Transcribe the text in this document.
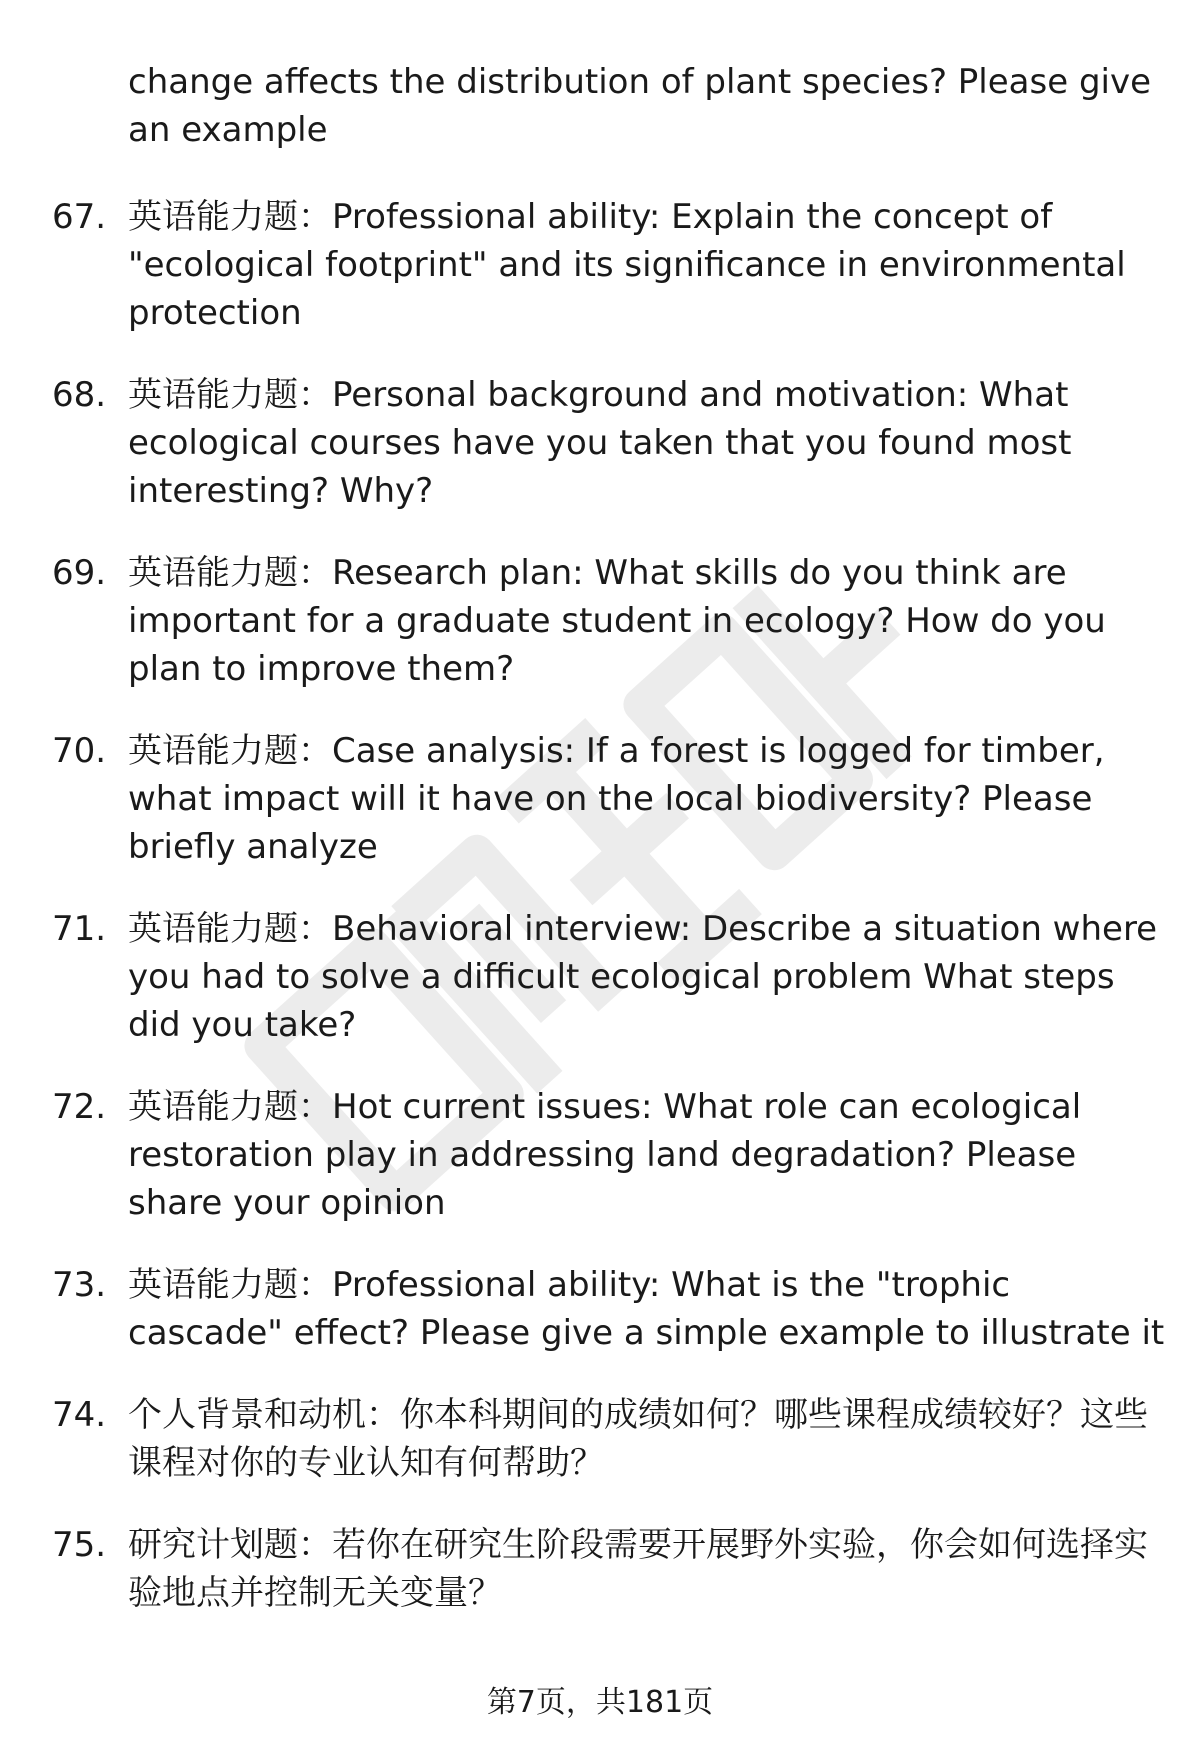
change affects the distribution of plant species? Please give an example

67. 英语能力题：Professional ability: Explain the concept of "ecological footprint" and its significance in environmental protection
68. 英语能力题：Personal background and motivation: What ecological courses have you taken that you found most interesting? Why?
69. 英语能力题：Research plan: What skills do you think are important for a graduate student in ecology? How do you plan to improve them?
70. 英语能力题：Case analysis: If a forest is logged for timber, what impact will it have on the local biodiversity? Please briefly analyze
71. 英语能力题：Behavioral interview: Describe a situation where you had to solve a difficult ecological problem What steps did you take?
72. 英语能力题：Hot current issues: What role can ecological restoration play in addressing land degradation? Please share your opinion
73. 英语能力题：Professional ability: What is the "trophic cascade" effect? Please give a simple example to illustrate it
74. 个人背景和动机：你本科期间的成绩如何？哪些课程成绩较好？这些课程对你的专业认知有何帮助？
75. 研究计划题：若你在研究生阶段需要开展野外实验，你会如何选择实验地点并控制无关变量？
第7页，共181页
